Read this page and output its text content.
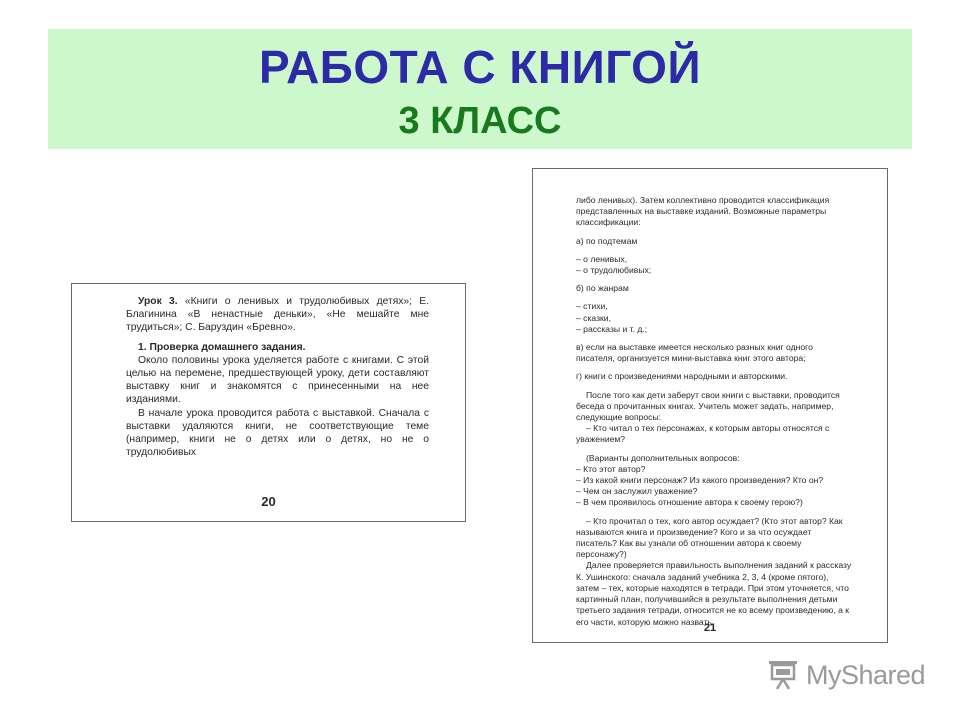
РАБОТА С КНИГОЙ
3 КЛАСС

Урок 3. «Книги о ленивых и трудолюбивых детях»; Е. Благинина «В ненастные деньки», «Не мешайте мне трудиться»; С. Баруздин «Бревно».

1. Проверка домашнего задания.

Около половины урока уделяется работе с книгами. С этой целью на перемене, предшествующей уроку, дети составляют выставку книг и знакомятся с принесенными на нее изданиями.

В начале урока проводится работа с выставкой. Сначала с выставки удаляются книги, не соответствующие теме (например, книги не о детях или о детях, но не о трудолюбивых

20

либо ленивых). Затем коллективно проводится классификация представленных на выставке изданий. Возможные параметры классификации:

а) по подтемам

– о ленивых,

– о трудолюбивых;

б) по жанрам

– стихи,

– сказки,

– рассказы и т. д.;

в) если на выставке имеется несколько разных книг одного писателя, организуется мини-выставка книг этого автора;

г) книги с произведениями народными и авторскими.

После того как дети заберут свои книги с выставки, проводится беседа о прочитанных книгах. Учитель может задать, например, следующие вопросы:

– Кто читал о тех персонажах, к которым авторы относятся с уважением?

(Варианты дополнительных вопросов:

– Кто этот автор?

– Из какой книги персонаж? Из какого произведения? Кто он?

– Чем он заслужил уважение?

– В чем проявилось отношение автора к своему герою?)

– Кто прочитал о тех, кого автор осуждает? (Кто этот автор? Как называются книга и произведение? Кого и за что осуждает писатель? Как вы узнали об отношении автора к своему персонажу?)

Далее проверяется правильность выполнения заданий к рассказу К. Ушинского: сначала заданий учебника 2, 3, 4 (кроме пятого), затем – тех, которые находятся в тетради. При этом уточняется, что картинный план, получившийся в результате выполнения детьми третьего задания тетради, относится не ко всему произведению, а к его части, которую можно назвать

21
MyShared
